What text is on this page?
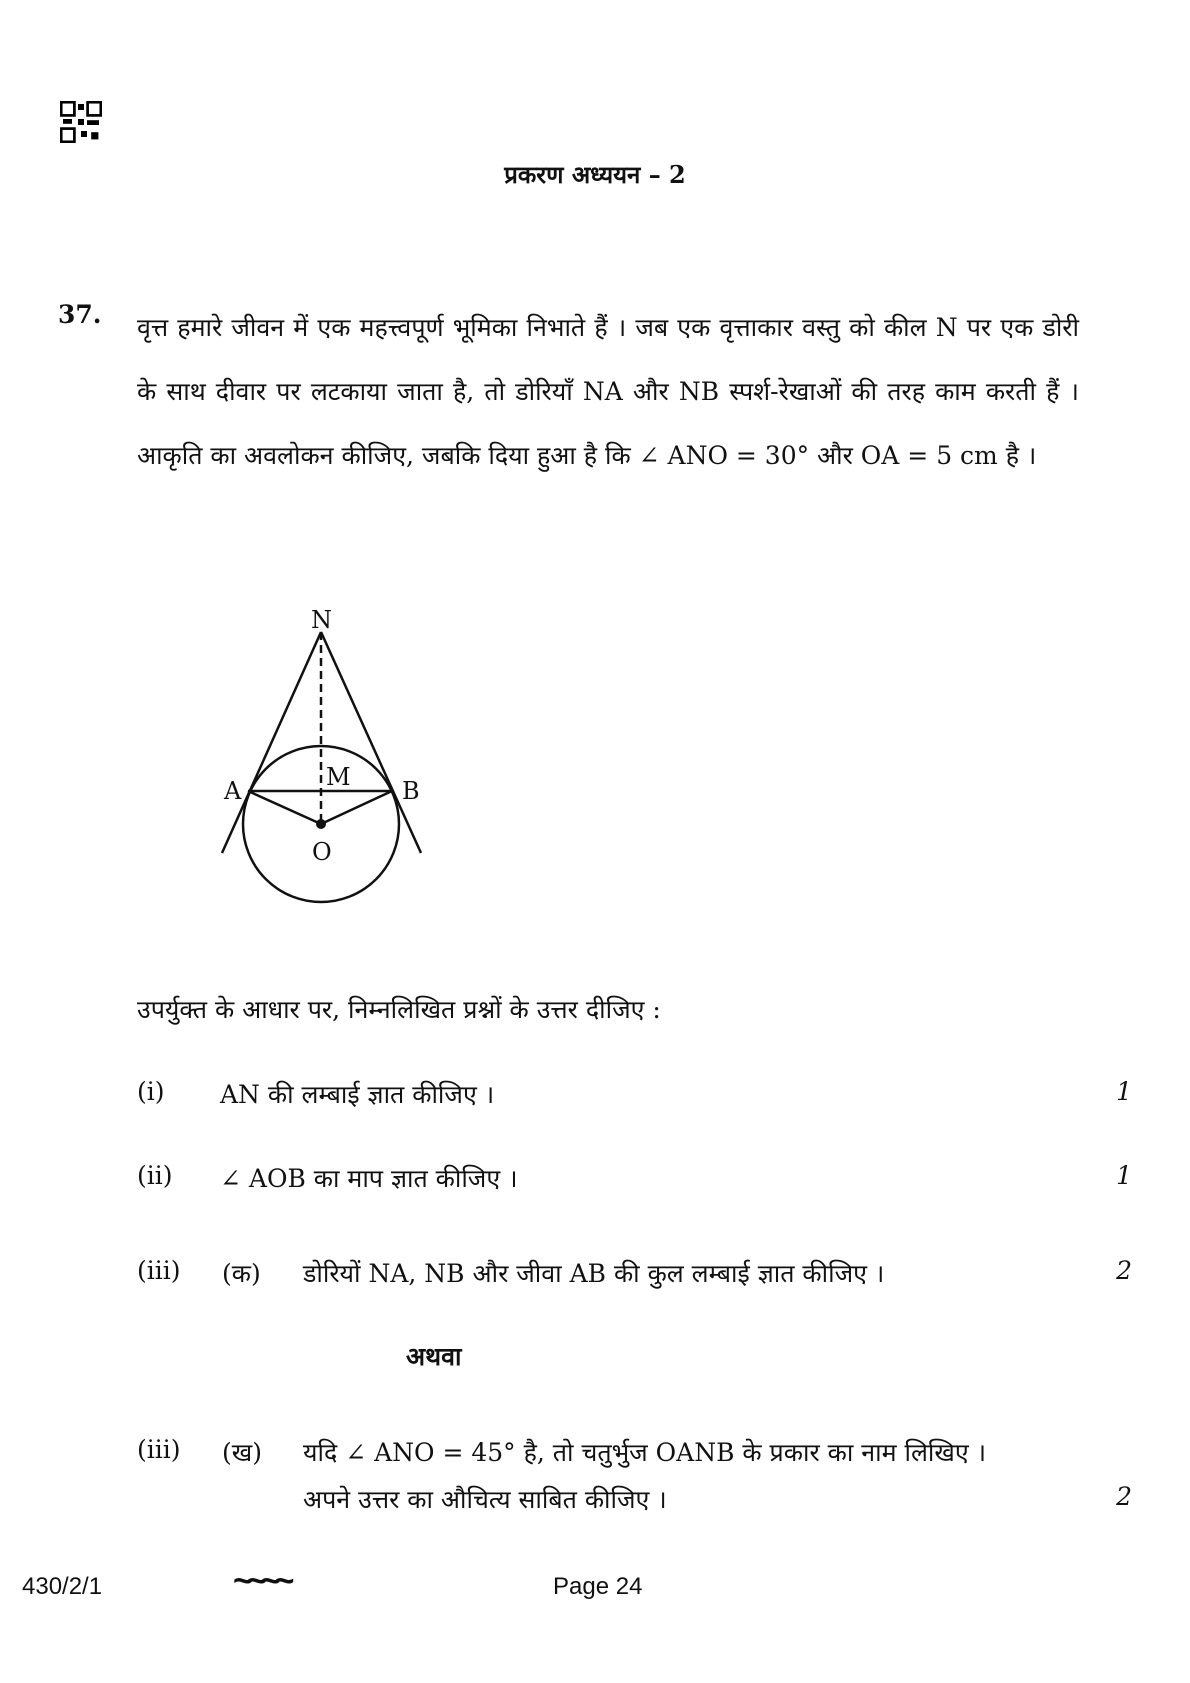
प्रकरण अध्ययन – 2
37. वृत्त हमारे जीवन में एक महत्त्वपूर्ण भूमिका निभाते हैं । जब एक वृत्ताकार वस्तु को कील N पर एक डोरी के साथ दीवार पर लटकाया जाता है, तो डोरियाँ NA और NB स्पर्श-रेखाओं की तरह काम करती हैं । आकृति का अवलोकन कीजिए, जबकि दिया हुआ है कि ∠ ANO = 30° और OA = 5 cm है ।
N
A	B
M
O
उपर्युक्त के आधार पर, निम्नलिखित प्रश्नों के उत्तर दीजिए :
(i) AN की लम्बाई ज्ञात कीजिए ।	1
(ii) ∠ AOB का माप ज्ञात कीजिए ।	1
(iii) (क) डोरियों NA, NB और जीवा AB की कुल लम्बाई ज्ञात कीजिए ।	2
अथवा
(iii) (ख) यदि ∠ ANO = 45° है, तो चतुर्भुज OANB के प्रकार का नाम लिखिए ।
अपने उत्तर का औचित्य साबित कीजिए ।	2
430/2/1	~~~~	Page 24
